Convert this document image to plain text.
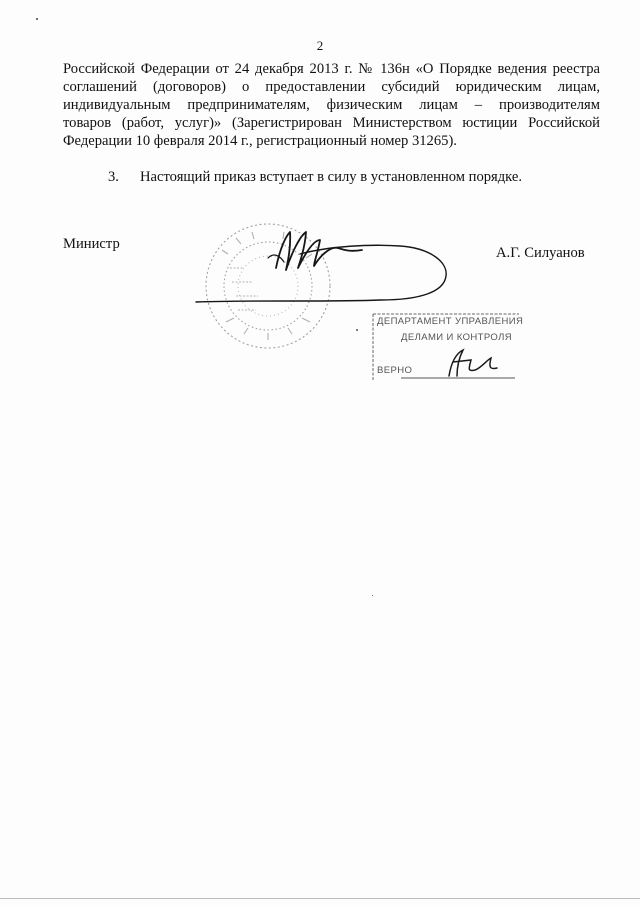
2

Российской Федерации от 24 декабря 2013 г. № 136н «О Порядке ведения реестра
соглашений (договоров) о предоставлении субсидий юридическим лицам,
индивидуальным предпринимателям, физическим лицам – производителям
товаров (работ, услуг)» (Зарегистрирован Министерством юстиции Российской
Федерации 10 февраля 2014 г., регистрационный номер 31265).

3. Настоящий приказ вступает в силу в установленном порядке.
Министр
А.Г. Силуанов
ДЕПАРТАМЕНТ УПРАВЛЕНИЯ
ДЕЛАМИ И КОНТРОЛЯ
ВЕРНО
